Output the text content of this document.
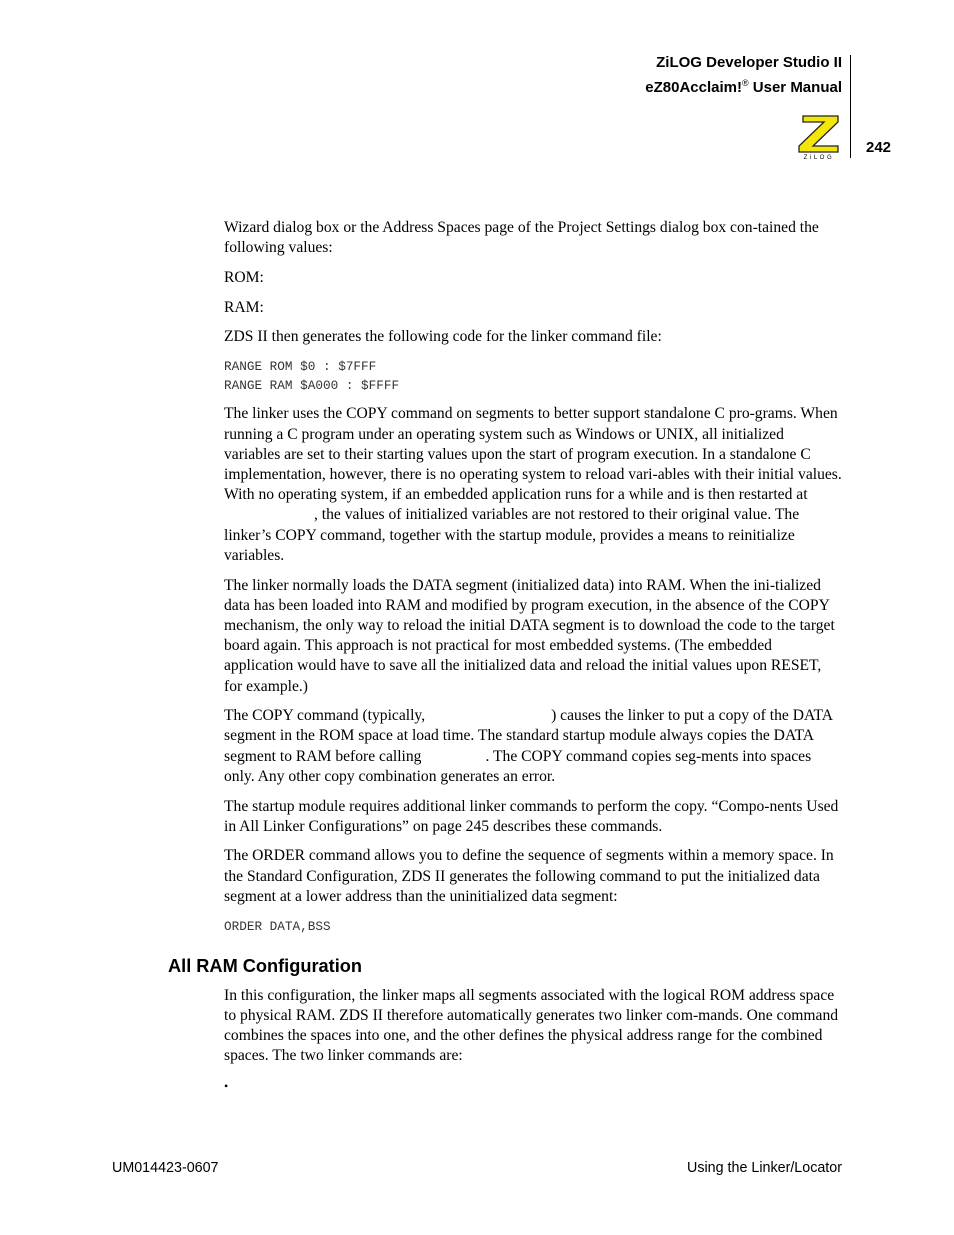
ZiLOG Developer Studio II
eZ80Acclaim!® User Manual
ZiLOG
242

Wizard dialog box or the Address Spaces page of the Project Settings dialog box con-tained the following values:

ROM:

RAM:

ZDS II then generates the following code for the linker command file:

RANGE ROM $0 : $7FFF
RANGE RAM $A000 : $FFFF

The linker uses the COPY command on segments to better support standalone C pro-grams. When running a C program under an operating system such as Windows or UNIX, all initialized variables are set to their starting values upon the start of program execution. In a standalone C implementation, however, there is no operating system to reload vari-ables with their initial values. With no operating system, if an embedded application runs for a while and is then restarted at, the values of initialized variables are not restored to their original value. The linker’s COPY command, together with the startup module, provides a means to reinitialize variables.

The linker normally loads the DATA segment (initialized data) into RAM. When the ini-tialized data has been loaded into RAM and modified by program execution, in the absence of the COPY mechanism, the only way to reload the initial DATA segment is to download the code to the target board again. This approach is not practical for most embedded systems. (The embedded application would have to save all the initialized data and reload the initial values upon RESET, for example.)

The COPY command (typically,	) causes the linker to put a copy of the DATA segment in the ROM space at load time. The standard startup module always copies the DATA segment to RAM before calling	. The COPY command copies seg-ments into spaces only. Any other copy combination generates an error.

The startup module requires additional linker commands to perform the copy. “Compo-nents Used in All Linker Configurations” on page 245 describes these commands.

The ORDER command allows you to define the sequence of segments within a memory space. In the Standard Configuration, ZDS II generates the following command to put the initialized data segment at a lower address than the uninitialized data segment:

ORDER DATA,BSS
All RAM Configuration

In this configuration, the linker maps all segments associated with the logical ROM address space to physical RAM. ZDS II therefore automatically generates two linker com-mands. One command combines the spaces into one, and the other defines the physical address range for the combined spaces. The two linker commands are:

•
UM014423-0607	Using the Linker/Locator
